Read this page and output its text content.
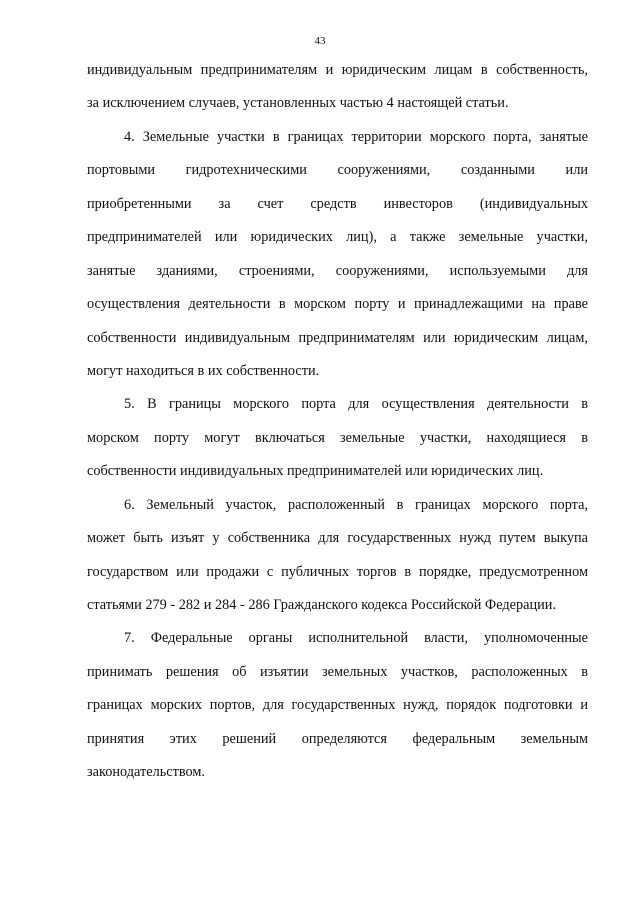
43
индивидуальным предпринимателям и юридическим лицам в собственность,
за исключением случаев, установленных частью 4 настоящей статьи.
4. Земельные участки в границах территории морского порта, занятые
портовыми гидротехническими сооружениями, созданными или
приобретенными за счет средств инвесторов (индивидуальных
предпринимателей или юридических лиц), а также земельные участки,
занятые зданиями, строениями, сооружениями, используемыми для
осуществления деятельности в морском порту и принадлежащими на праве
собственности индивидуальным предпринимателям или юридическим лицам,
могут находиться в их собственности.
5. В границы морского порта для осуществления деятельности в
морском порту могут включаться земельные участки, находящиеся в
собственности индивидуальных предпринимателей или юридических лиц.
6. Земельный участок, расположенный в границах морского порта,
может быть изъят у собственника для государственных нужд путем выкупа
государством или продажи с публичных торгов в порядке, предусмотренном
статьями 279 - 282 и 284 - 286 Гражданского кодекса Российской Федерации.
7. Федеральные органы исполнительной власти, уполномоченные
принимать решения об изъятии земельных участков, расположенных в
границах морских портов, для государственных нужд, порядок подготовки и
принятия этих решений определяются федеральным земельным
законодательством.
